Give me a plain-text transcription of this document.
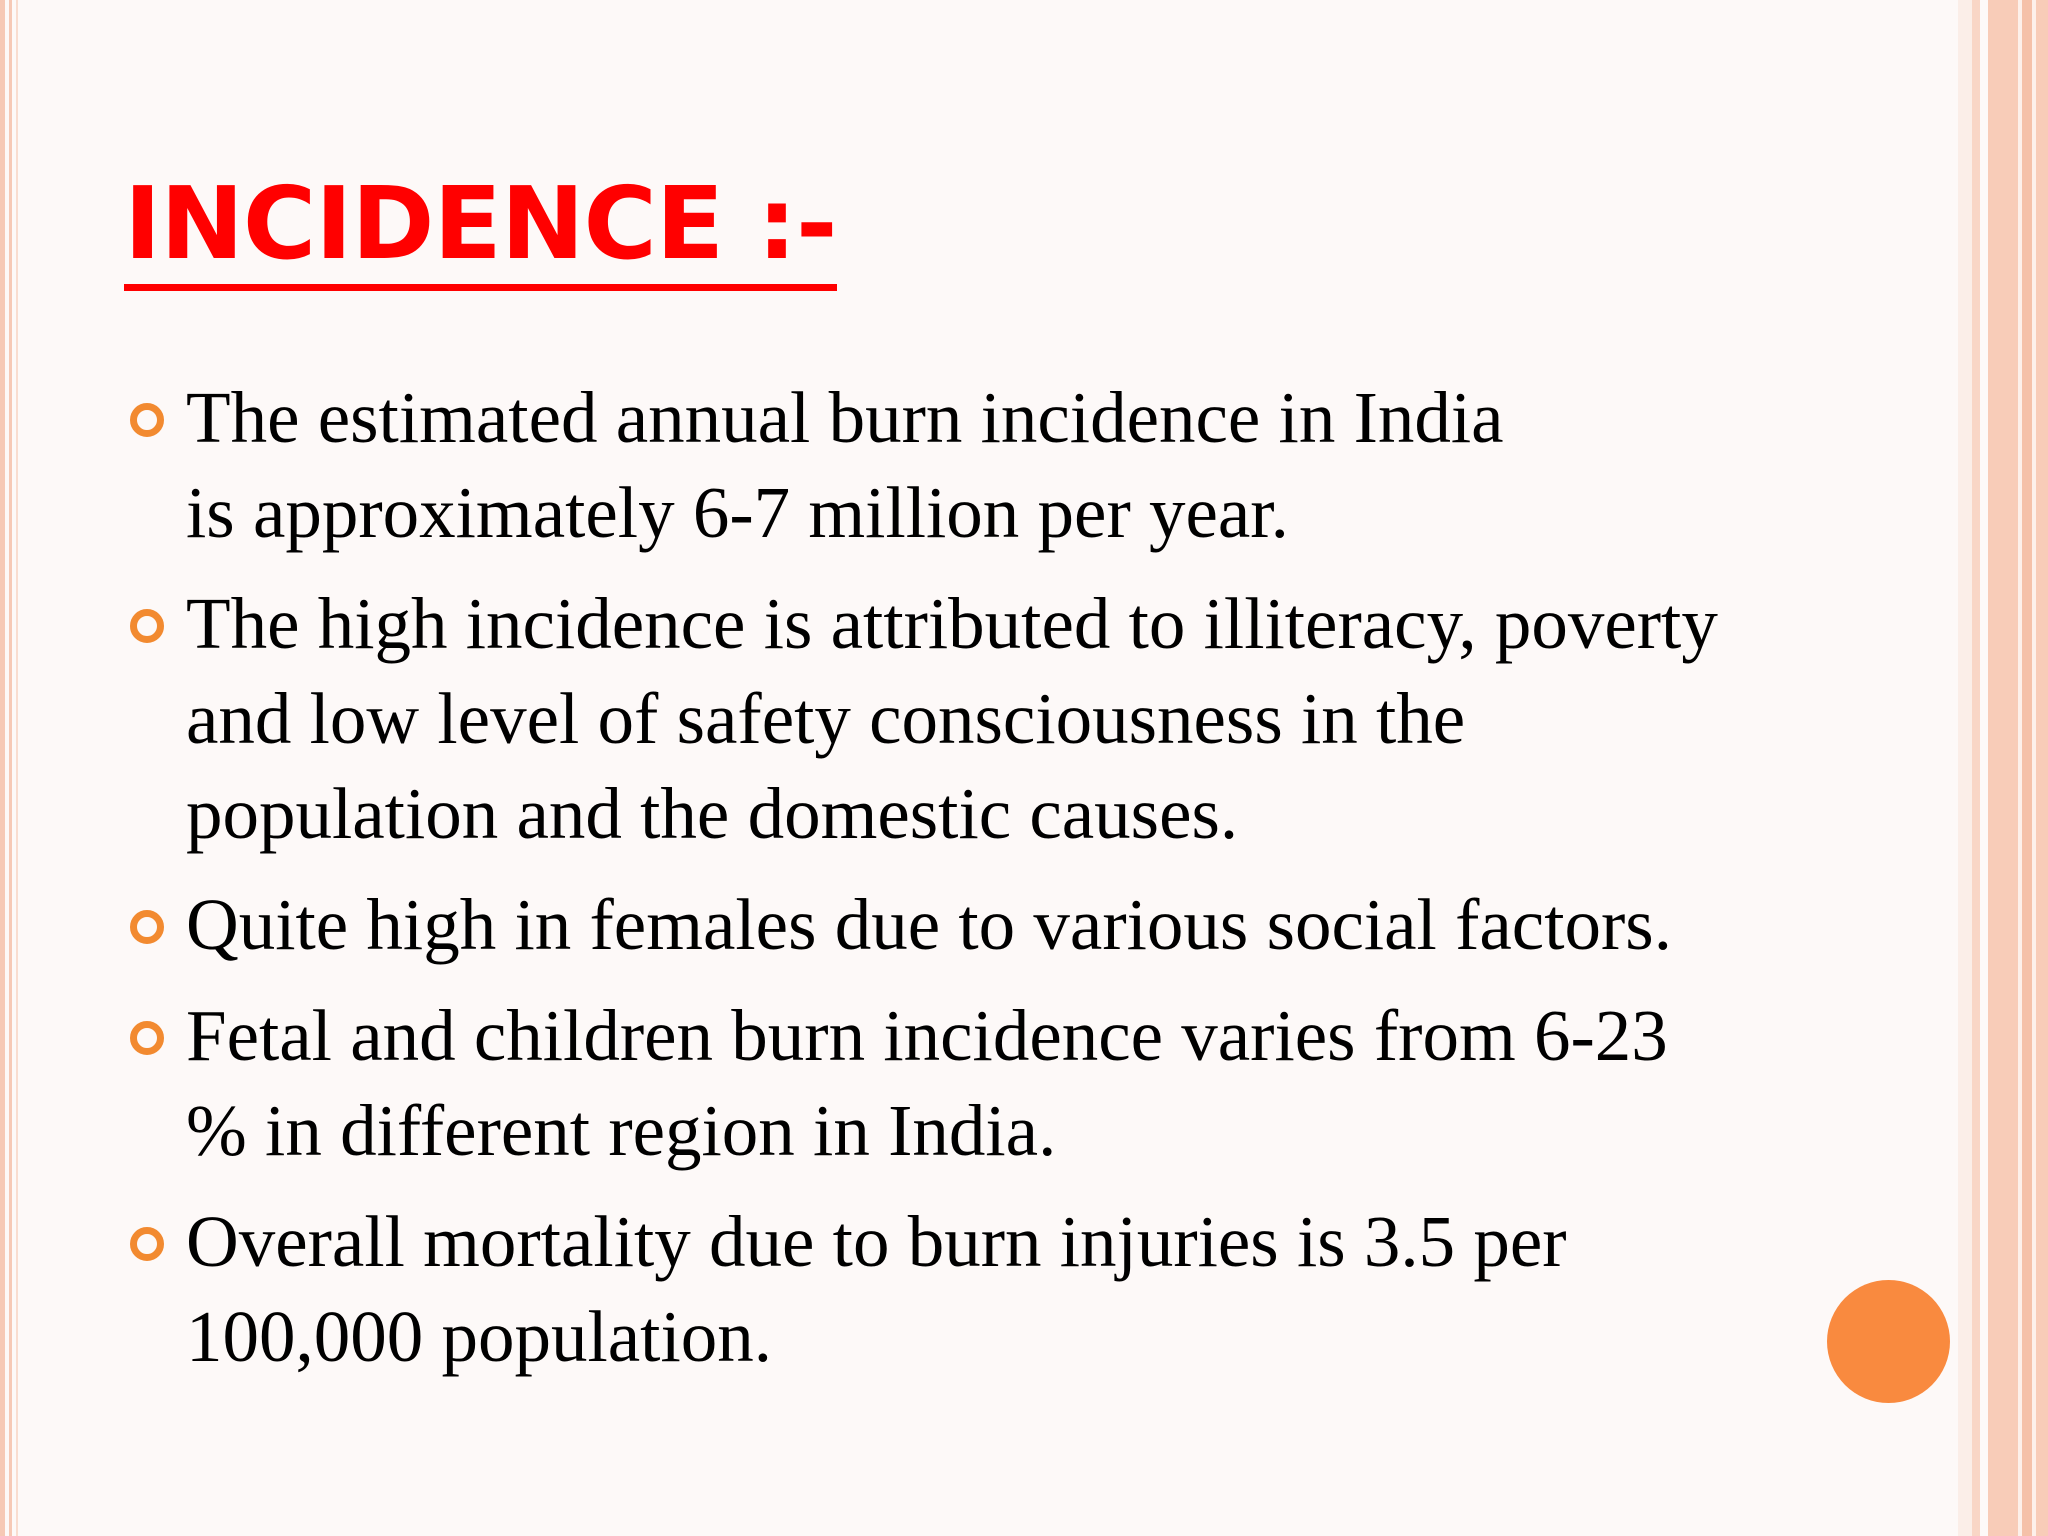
INCIDENCE :-
The estimated annual burn incidence in India
is approximately 6-7 million per year.
The high incidence is attributed to illiteracy, poverty
and low level of safety consciousness in the
population and the domestic causes.
Quite high in females due to various social factors.
Fetal and children burn incidence varies from 6-23
% in different region in India.
Overall mortality due to burn injuries is 3.5 per
100,000 population.
